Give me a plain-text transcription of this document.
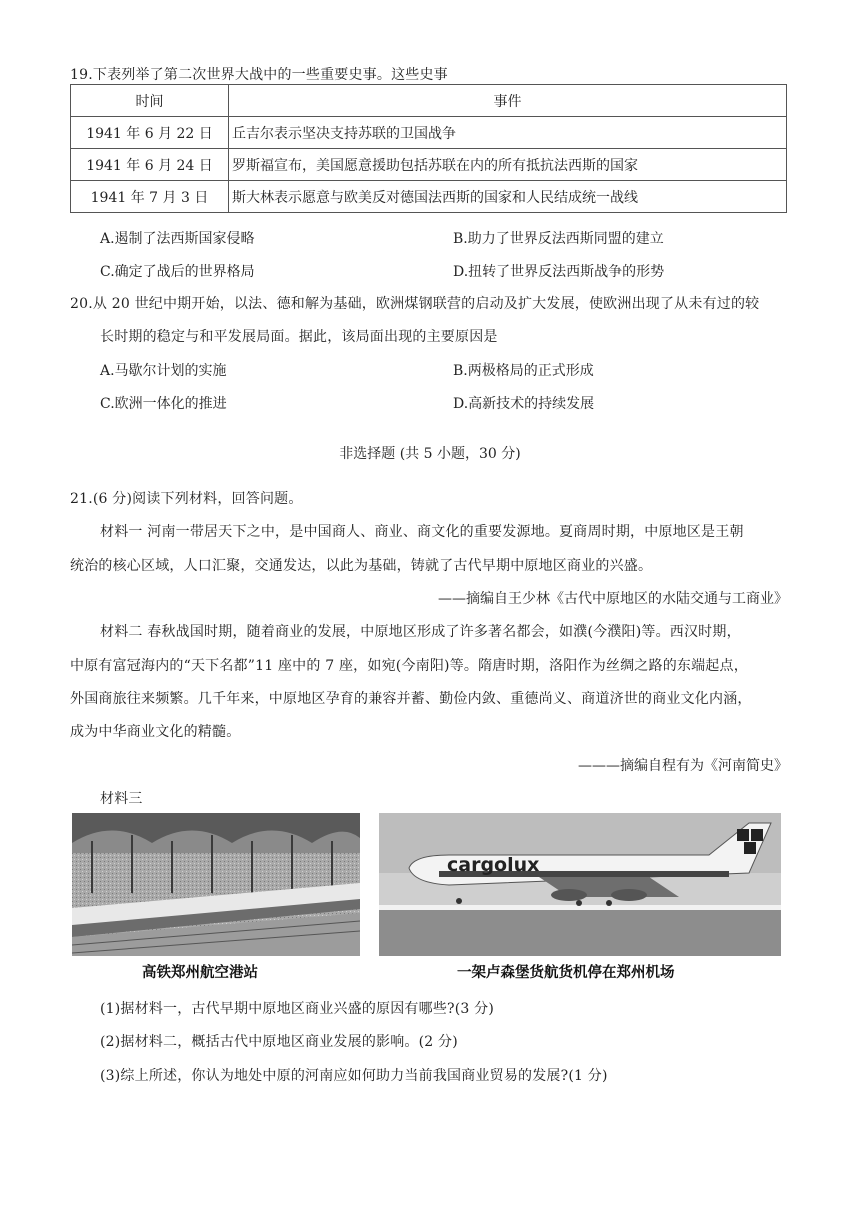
19.下表列举了第二次世界大战中的一些重要史事。这些史事
时间	事件
1941 年 6 月 22 日	丘吉尔表示坚决支持苏联的卫国战争
1941 年 6 月 24 日	罗斯福宣布，美国愿意援助包括苏联在内的所有抵抗法西斯的国家
1941 年 7 月 3 日	斯大林表示愿意与欧美反对德国法西斯的国家和人民结成统一战线
A.遏制了法西斯国家侵略	B.助力了世界反法西斯同盟的建立
C.确定了战后的世界格局	D.扭转了世界反法西斯战争的形势
20.从 20 世纪中期开始，以法、德和解为基础，欧洲煤钢联营的启动及扩大发展，使欧洲出现了从未有过的较
长时期的稳定与和平发展局面。据此，该局面出现的主要原因是
A.马歇尔计划的实施	B.两极格局的正式形成
C.欧洲一体化的推进	D.高新技术的持续发展
非选择题 (共 5 小题，30 分)
21.(6 分)阅读下列材料，回答问题。
材料一 河南一带居天下之中，是中国商人、商业、商文化的重要发源地。夏商周时期，中原地区是王朝
统治的核心区域，人口汇聚，交通发达，以此为基础，铸就了古代早期中原地区商业的兴盛。
——摘编自王少林《古代中原地区的水陆交通与工商业》
材料二 春秋战国时期，随着商业的发展，中原地区形成了许多著名都会，如濮(今濮阳)等。西汉时期，
中原有富冠海内的“天下名都”11 座中的 7 座，如宛(今南阳)等。隋唐时期，洛阳作为丝绸之路的东端起点，
外国商旅往来频繁。几千年来，中原地区孕育的兼容并蓄、勤俭内敛、重德尚义、商道济世的商业文化内涵，
成为中华商业文化的精髓。
———摘编自程有为《河南简史》
材料三
高铁郑州航空港站
cargolux
一架卢森堡货航货机停在郑州机场
(1)据材料一，古代早期中原地区商业兴盛的原因有哪些?(3 分)
(2)据材料二，概括古代中原地区商业发展的影响。(2 分)
(3)综上所述，你认为地处中原的河南应如何助力当前我国商业贸易的发展?(1 分)
